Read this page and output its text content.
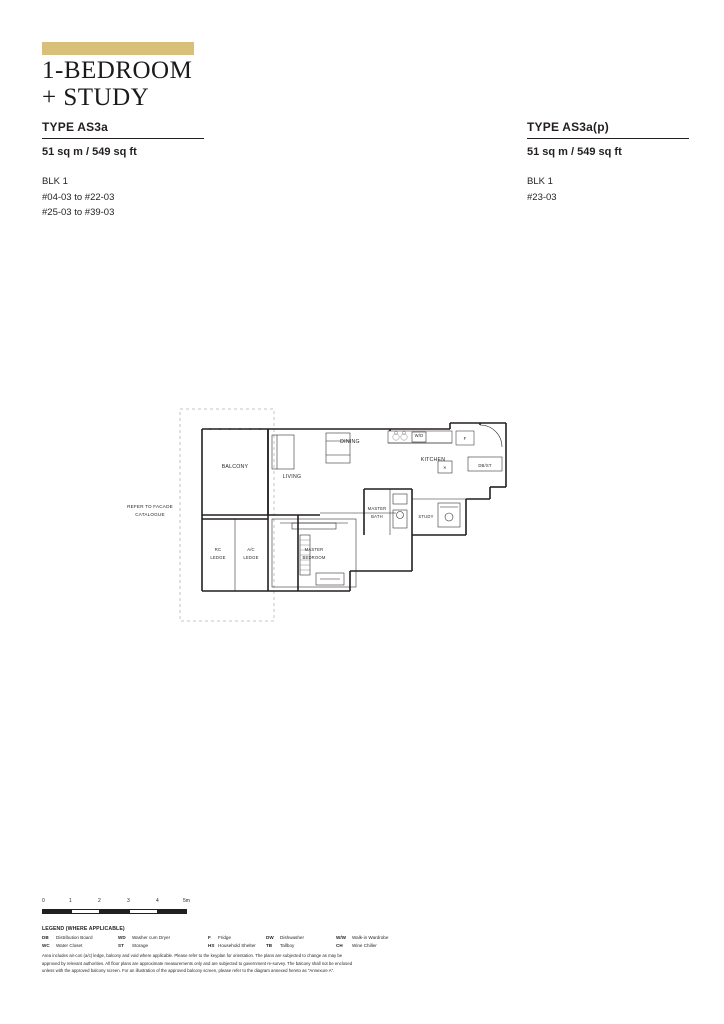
1-BEDROOM
+ STUDY
TYPE AS3a
51 sq m / 549 sq ft
BLK 1
#04-03 to #22-03
#25-03 to #39-03
TYPE AS3a(p)
51 sq m / 549 sq ft
BLK 1
#23-03
REFER TO FACADE CATALOGUE
BALCONY
LIVING
DINING
KITCHEN
MASTER
BATH	STUDY
DB/ST
MASTER
BEDROOM
RC
LEDGE
A/C
LEDGE
W/D
F
✕
0	1	2	3	4	5m
LEGEND (WHERE APPLICABLE)
DB	Distribution Board	WD	Washer cum Dryer	F	Fridge	DW	Dishwasher	W/W	Walk-in Wardrobe
WC	Water Closet	ST	Storage	HS Household Shelter	TB	Tallboy	CH	Wine Chiller
Area includes air-con (a/c) ledge, balcony and void where applicable. Please refer to the keyplan for orientation. The plans are subjected to change as may be
approved by relevant authorities. All floor plans are approximate measurements only and are subjected to government re-survey. The balcony shall not be enclosed
unless with the approved balcony screen. For an illustration of the approved balcony screen, please refer to the diagram annexed hereto as "Annexure A".
